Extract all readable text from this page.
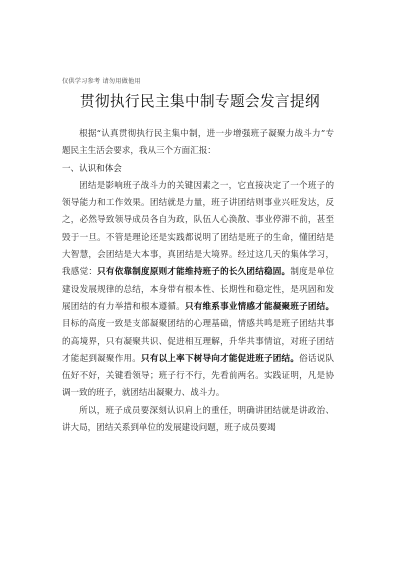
仅供学习参考 请勿用做他用
贯彻执行民主集中制专题会发言提纲

根据“认真贯彻执行民主集中制，进一步增强班子凝聚力战斗力”专题民主生活会要求，我从三个方面汇报：

一、认识和体会

团结是影响班子战斗力的关键因素之一，它直接决定了一个班子的领导能力和工作效果。团结就是力量，班子讲团结则事业兴旺发达，反之，必然导致领导成员各自为政，队伍人心涣散、事业停滞不前，甚至毁于一旦。不管是理论还是实践都说明了团结是班子的生命，懂团结是大智慧，会团结是大本事，真团结是大境界。经过这几天的集体学习，我感觉：只有依靠制度原则才能维持班子的长久团结稳固。制度是单位建设发展规律的总结，本身带有根本性、长期性和稳定性，是巩固和发展团结的有力举措和根本遵循。只有维系事业情感才能凝聚班子团结。目标的高度一致是支部凝聚团结的心理基础，情感共鸣是班子团结共事的高境界，只有凝聚共识、促进相互理解，升华共事情谊，对班子团结才能起到凝聚作用。只有以上率下树导向才能促进班子团结。俗话说队伍好不好，关键看领导；班子行不行，先看前两名。实践证明，凡是协调一致的班子，就团结出凝聚力、战斗力。

所以，班子成员要深刻认识肩上的重任，明确讲团结就是讲政治、讲大局，团结关系到单位的发展建设问题，班子成员要竭
